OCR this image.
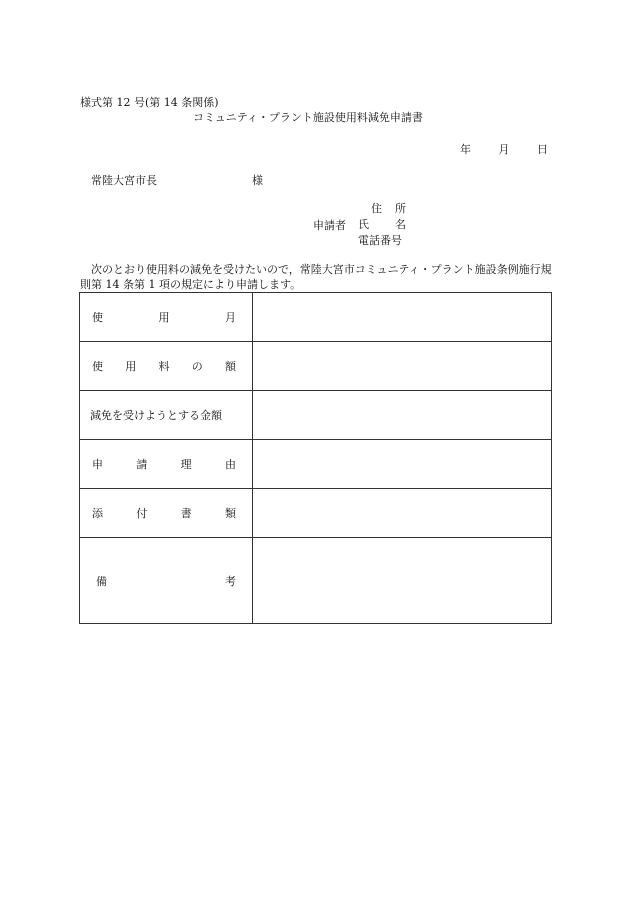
様式第 12 号(第 14 条関係)
コミュニティ・プラント施設使用料減免申請書
年	月	日
常陸大宮市長	様
申請者
住 所
氏 名
電話番号
次のとおり使用料の減免を受けたいので，常陸大宮市コミュニティ・プラント施設条例施行規則第 14 条第 1 項の規定により申請します。
使 用 月	

使 用 料 の 額	

減免を受けようとする金額	

申 請 理 由	

添 付 書 類	

備 考	
